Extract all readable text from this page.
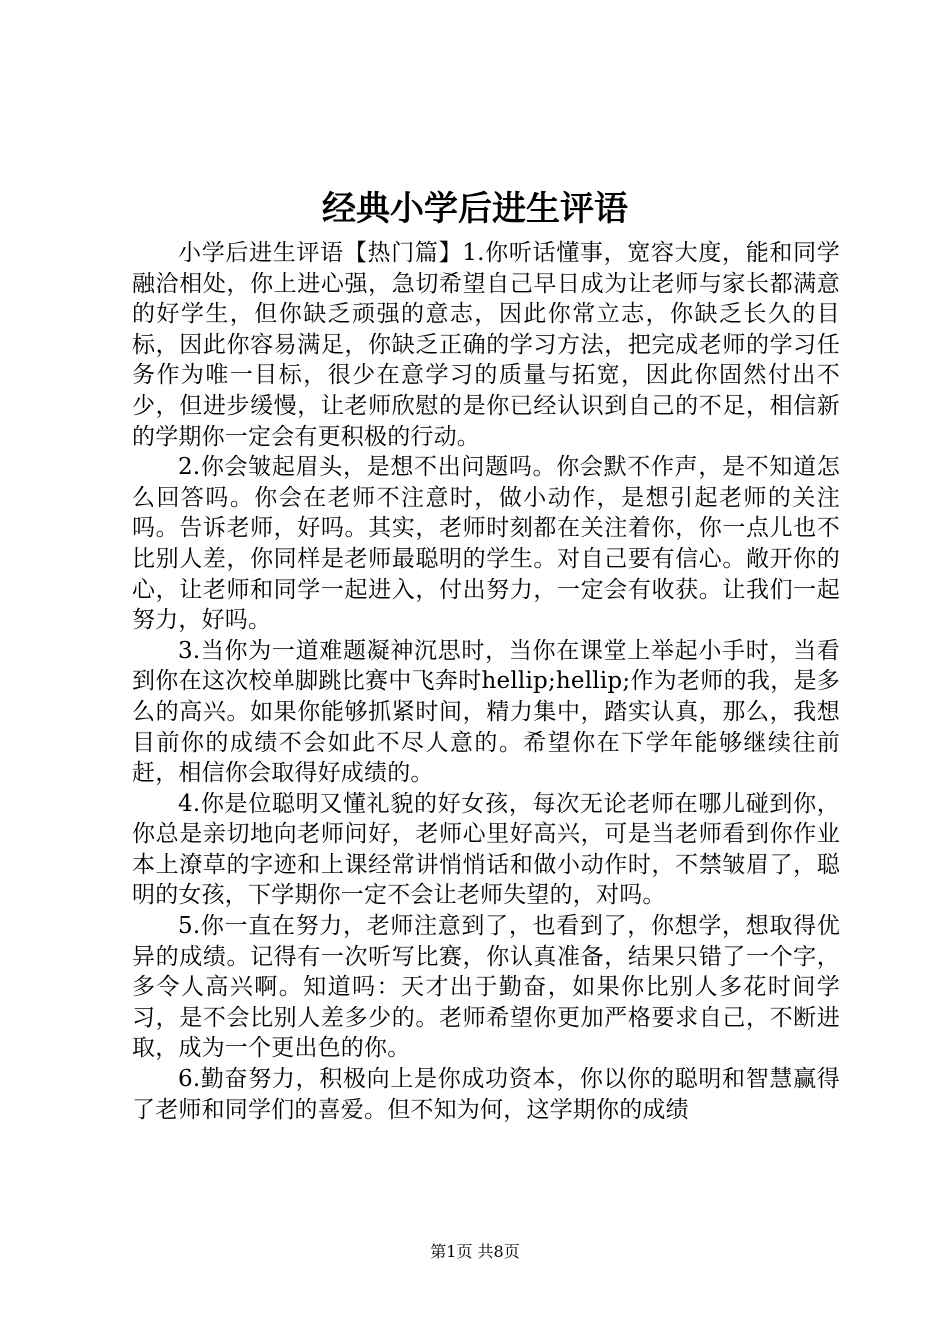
经典小学后进生评语

小学后进生评语【热门篇】1.你听话懂事，宽容大度，能和同学融洽相处，你上进心强，急切希望自己早日成为让老师与家长都满意的好学生，但你缺乏顽强的意志，因此你常立志，你缺乏长久的目标，因此你容易满足，你缺乏正确的学习方法，把完成老师的学习任务作为唯一目标，很少在意学习的质量与拓宽，因此你固然付出不少，但进步缓慢，让老师欣慰的是你已经认识到自己的不足，相信新的学期你一定会有更积极的行动。

2.你会皱起眉头，是想不出问题吗。你会默不作声，是不知道怎么回答吗。你会在老师不注意时，做小动作，是想引起老师的关注吗。告诉老师，好吗。其实，老师时刻都在关注着你，你一点儿也不比别人差，你同样是老师最聪明的学生。对自己要有信心。敞开你的心，让老师和同学一起进入，付出努力，一定会有收获。让我们一起努力，好吗。

3.当你为一道难题凝神沉思时，当你在课堂上举起小手时，当看到你在这次校单脚跳比赛中飞奔时hellip;hellip;作为老师的我，是多么的高兴。如果你能够抓紧时间，精力集中，踏实认真，那么，我想目前你的成绩不会如此不尽人意的。希望你在下学年能够继续往前赶，相信你会取得好成绩的。

4.你是位聪明又懂礼貌的好女孩，每次无论老师在哪儿碰到你，你总是亲切地向老师问好，老师心里好高兴，可是当老师看到你作业本上潦草的字迹和上课经常讲悄悄话和做小动作时，不禁皱眉了，聪明的女孩，下学期你一定不会让老师失望的，对吗。

5.你一直在努力，老师注意到了，也看到了，你想学，想取得优异的成绩。记得有一次听写比赛，你认真准备，结果只错了一个字，多令人高兴啊。知道吗：天才出于勤奋，如果你比别人多花时间学习，是不会比别人差多少的。老师希望你更加严格要求自己，不断进取，成为一个更出色的你。

6.勤奋努力，积极向上是你成功资本，你以你的聪明和智慧赢得了老师和同学们的喜爱。但不知为何，这学期你的成绩

第1页 共8页
